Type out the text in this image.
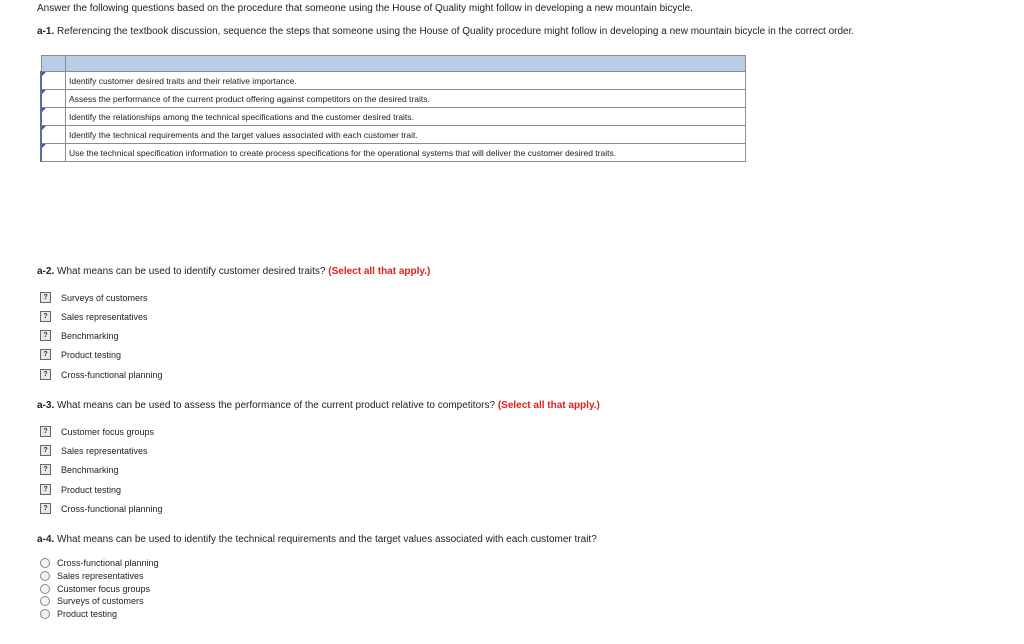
Answer the following questions based on the procedure that someone using the House of Quality might follow in developing a new mountain bicycle.
a-1. Referencing the textbook discussion, sequence the steps that someone using the House of Quality procedure might follow in developing a new mountain bicycle in the correct order.

	Identify customer desired traits and their relative importance.

	Assess the performance of the current product offering against competitors on the desired traits.

	Identify the relationships among the technical specifications and the customer desired traits.

	Identify the technical requirements and the target values associated with each customer trait.

	Use the technical specification information to create process specifications for the operational systems that will deliver the customer desired traits.
a-2. What means can be used to identify customer desired traits? (Select all that apply.)
?	Surveys of customers
?	Sales representatives
?	Benchmarking
?	Product testing
?	Cross-functional planning
a-3. What means can be used to assess the performance of the current product relative to competitors? (Select all that apply.)
?	Customer focus groups
?	Sales representatives
?	Benchmarking
?	Product testing
?	Cross-functional planning
a-4. What means can be used to identify the technical requirements and the target values associated with each customer trait?
Cross-functional planning
Sales representatives
Customer focus groups
Surveys of customers
Product testing
